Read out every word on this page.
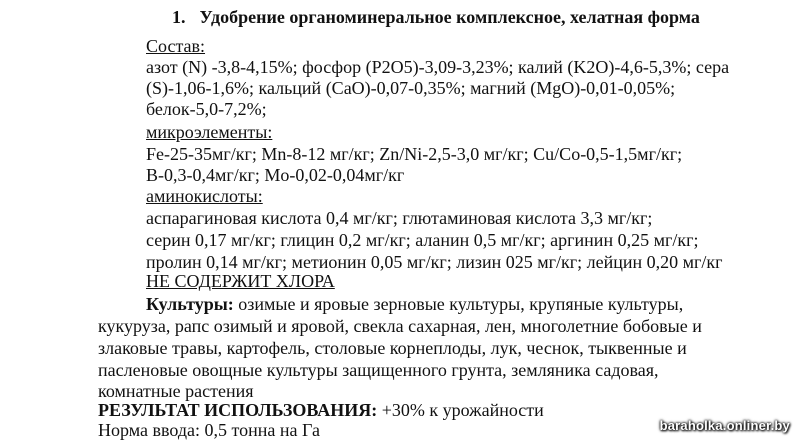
1. Удобрение органоминеральное комплексное, хелатная форма
Состав:
азот (N) -3,8-4,15%; фосфор (P2O5)-3,09-3,23%; калий (K2O)-4,6-5,3%; сера
(S)-1,06-1,6%; кальций (CaO)-0,07-0,35%; магний (MgO)-0,01-0,05%;
белок-5,0-7,2%;
микроэлементы:
Fe-25-35мг/кг; Mn-8-12 мг/кг; Zn/Ni-2,5-3,0 мг/кг; Cu/Co-0,5-1,5мг/кг;
B-0,3-0,4мг/кг; Mo-0,02-0,04мг/кг
аминокислоты:
аспарагиновая кислота 0,4 мг/кг; глютаминовая кислота 3,3 мг/кг;
серин 0,17 мг/кг; глицин 0,2 мг/кг; аланин 0,5 мг/кг; аргинин 0,25 мг/кг;
пролин 0,14 мг/кг; метионин 0,05 мг/кг; лизин 025 мг/кг; лейцин 0,20 мг/кг
НЕ СОДЕРЖИТ ХЛОРА
Культуры: озимые и яровые зерновые культуры, крупяные культуры,
кукуруза, рапс озимый и яровой, свекла сахарная, лен, многолетние бобовые и
злаковые травы, картофель, столовые корнеплоды, лук, чеснок, тыквенные и
пасленовые овощные культуры защищенного грунта, земляника садовая,
комнатные растения
РЕЗУЛЬТАТ ИСПОЛЬЗОВАНИЯ: +30% к урожайности
Норма ввода: 0,5 тонна на Га	baraholka.onliner.by
